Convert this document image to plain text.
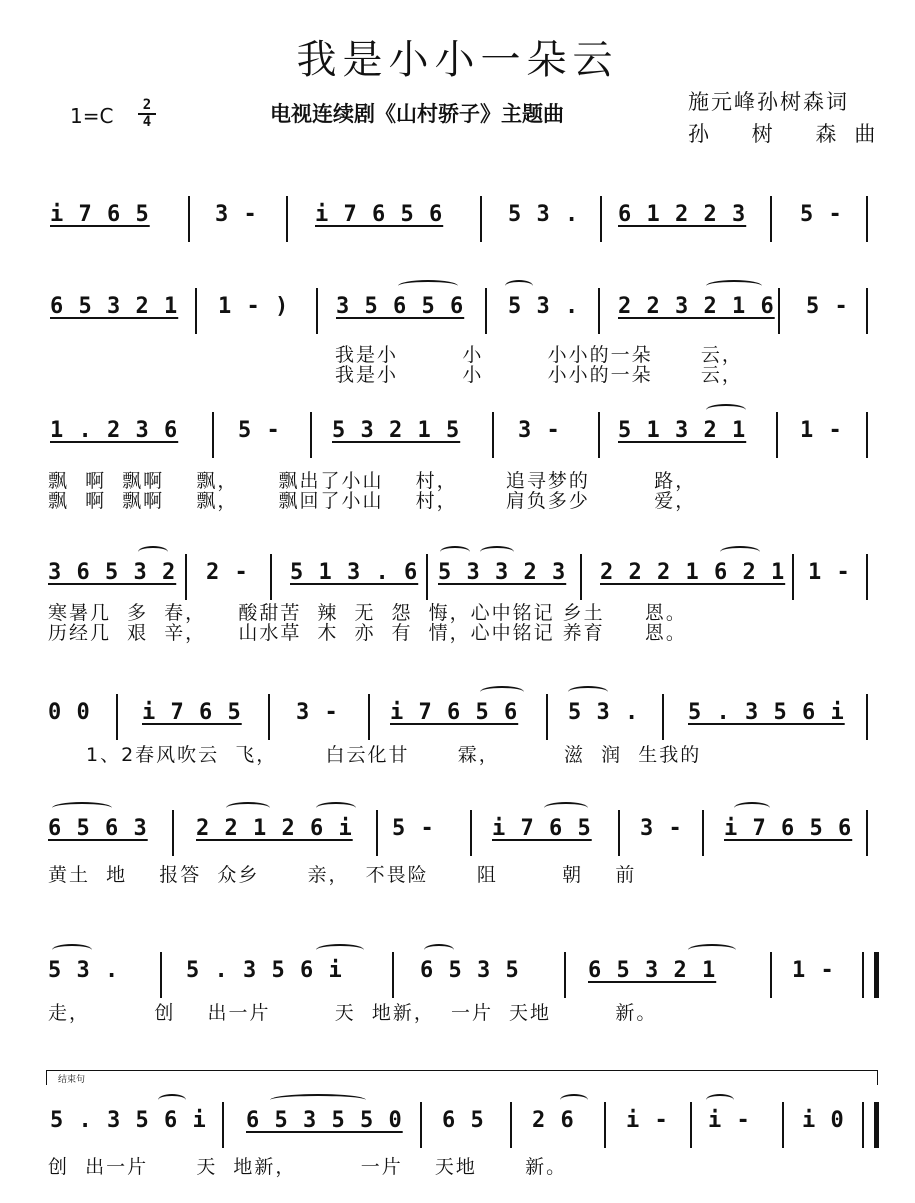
我是小小一朵云
1=C	2
4	电视连续剧《山村骄子》主题曲	施元峰孙树森词
孙 树 森曲
i 7 6 5	3 -	i 7 6 5 6	5 3 . 6 1 2 2 3 5 -
6 5 3 2 1 1 - ) 3 5 6 5 6 5 3 . 2 2 3 2 1 6 5 -
我是小        小        小小的一朵      云，
我是小        小        小小的一朵      云，
1 . 2 3 6	5 - 5 3 2 1 5	3 -	5 1 3 2 1 1 -
飘  啊  飘啊    飘，     飘出了小山    村，      追寻梦的        路，
飘  啊  飘啊    飘，     飘回了小山    村，      肩负多少        爱，
3 6 5 3 2 2 - 5 1 3 . 6 5 3 3 2 3 2 2 2 1 6 2 1 1 -
寒暑几  多  春，    酸甜苦  辣  无  怨  悔，心中铭记 乡土     恩。
历经几  艰  辛，    山水草  木  亦  有  情，心中铭记 养育     恩。
0 0 i 7 6 5 3 - i 7 6 5 6 5 3 . 5 . 3 5 6 i
1、2春风吹云  飞，      白云化甘      霖，        滋  润  生我的
6 5 6 3 2 2 1 2 6 i 5 -	i 7 6 5 3 - i 7 6 5 6
黄土  地    报答  众乡      亲，  不畏险      阻        朝    前
5 3 .	5 . 3 5 6 i	6 5 3 5	6 5 3 2 1	1 -
走，        创    出一片        天  地新，  一片  天地        新。
结束句
5 . 3 5 6 i 6 5 3 5 5 0 6 5 2 6 i - i - i 0
创  出一片      天  地新，        一片    天地      新。
